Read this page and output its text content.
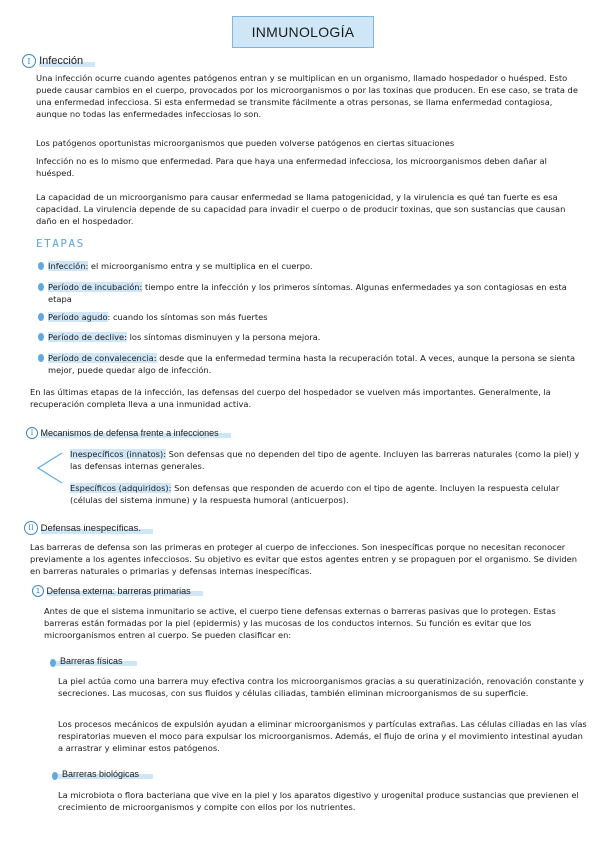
INMUNOLOGÍA
I Infección

Una infección ocurre cuando agentes patógenos entran y se multiplican en un organismo, llamado hospedador o huésped. Esto puede causar cambios en el cuerpo, provocados por los microorganismos o por las toxinas que producen. En ese caso, se trata de una enfermedad infecciosa. Si esta enfermedad se transmite fácilmente a otras personas, se llama enfermedad contagiosa, aunque no todas las enfermedades infecciosas lo son.

Los patógenos oportunistas microorganismos que pueden volverse patógenos en ciertas situaciones

Infección no es lo mismo que enfermedad. Para que haya una enfermedad infecciosa, los microorganismos deben dañar al huésped.

La capacidad de un microorganismo para causar enfermedad se llama patogenicidad, y la virulencia es qué tan fuerte es esa capacidad. La virulencia depende de su capacidad para invadir el cuerpo o de producir toxinas, que son sustancias que causan daño en el hospedador.

ETAPAS
Infección: el microorganismo entra y se multiplica en el cuerpo.
Período de incubación: tiempo entre la infección y los primeros síntomas. Algunas enfermedades ya son contagiosas en esta etapa
Período agudo: cuando los síntomas son más fuertes
Período de declive: los síntomas disminuyen y la persona mejora.
Período de convalecencia: desde que la enfermedad termina hasta la recuperación total. A veces, aunque la persona se sienta mejor, puede quedar algo de infección.

En las últimas etapas de la infección, las defensas del cuerpo del hospedador se vuelven más importantes. Generalmente, la recuperación completa lleva a una inmunidad activa.

I Mecanismos de defensa frente a infecciones
Inespecíficos (innatos): Son defensas que no dependen del tipo de agente. Incluyen las barreras naturales (como la piel) y las defensas internas generales.
Específicos (adquiridos): Son defensas que responden de acuerdo con el tipo de agente. Incluyen la respuesta celular (células del sistema inmune) y la respuesta humoral (anticuerpos).
II Defensas inespecíficas.

Las barreras de defensa son las primeras en proteger al cuerpo de infecciones. Son inespecíficas porque no necesitan reconocer previamente a los agentes infecciosos. Su objetivo es evitar que estos agentes entren y se propaguen por el organismo. Se dividen en barreras naturales o primarias y defensas internas inespecíficas.

1 Defensa externa: barreras primarias

Antes de que el sistema inmunitario se active, el cuerpo tiene defensas externas o barreras pasivas que lo protegen. Estas barreras están formadas por la piel (epidermis) y las mucosas de los conductos internos. Su función es evitar que los microorganismos entren al cuerpo. Se pueden clasificar en:

Barreras físicas

La piel actúa como una barrera muy efectiva contra los microorganismos gracias a su queratinización, renovación constante y secreciones. Las mucosas, con sus fluidos y células ciliadas, también eliminan microorganismos de su superficie.

Los procesos mecánicos de expulsión ayudan a eliminar microorganismos y partículas extrañas. Las células ciliadas en las vías respiratorias mueven el moco para expulsar los microorganismos. Además, el flujo de orina y el movimiento intestinal ayudan a arrastrar y eliminar estos patógenos.

Barreras biológicas

La microbiota o flora bacteriana que vive en la piel y los aparatos digestivo y urogenital produce sustancias que previenen el crecimiento de microorganismos y compite con ellos por los nutrientes.
